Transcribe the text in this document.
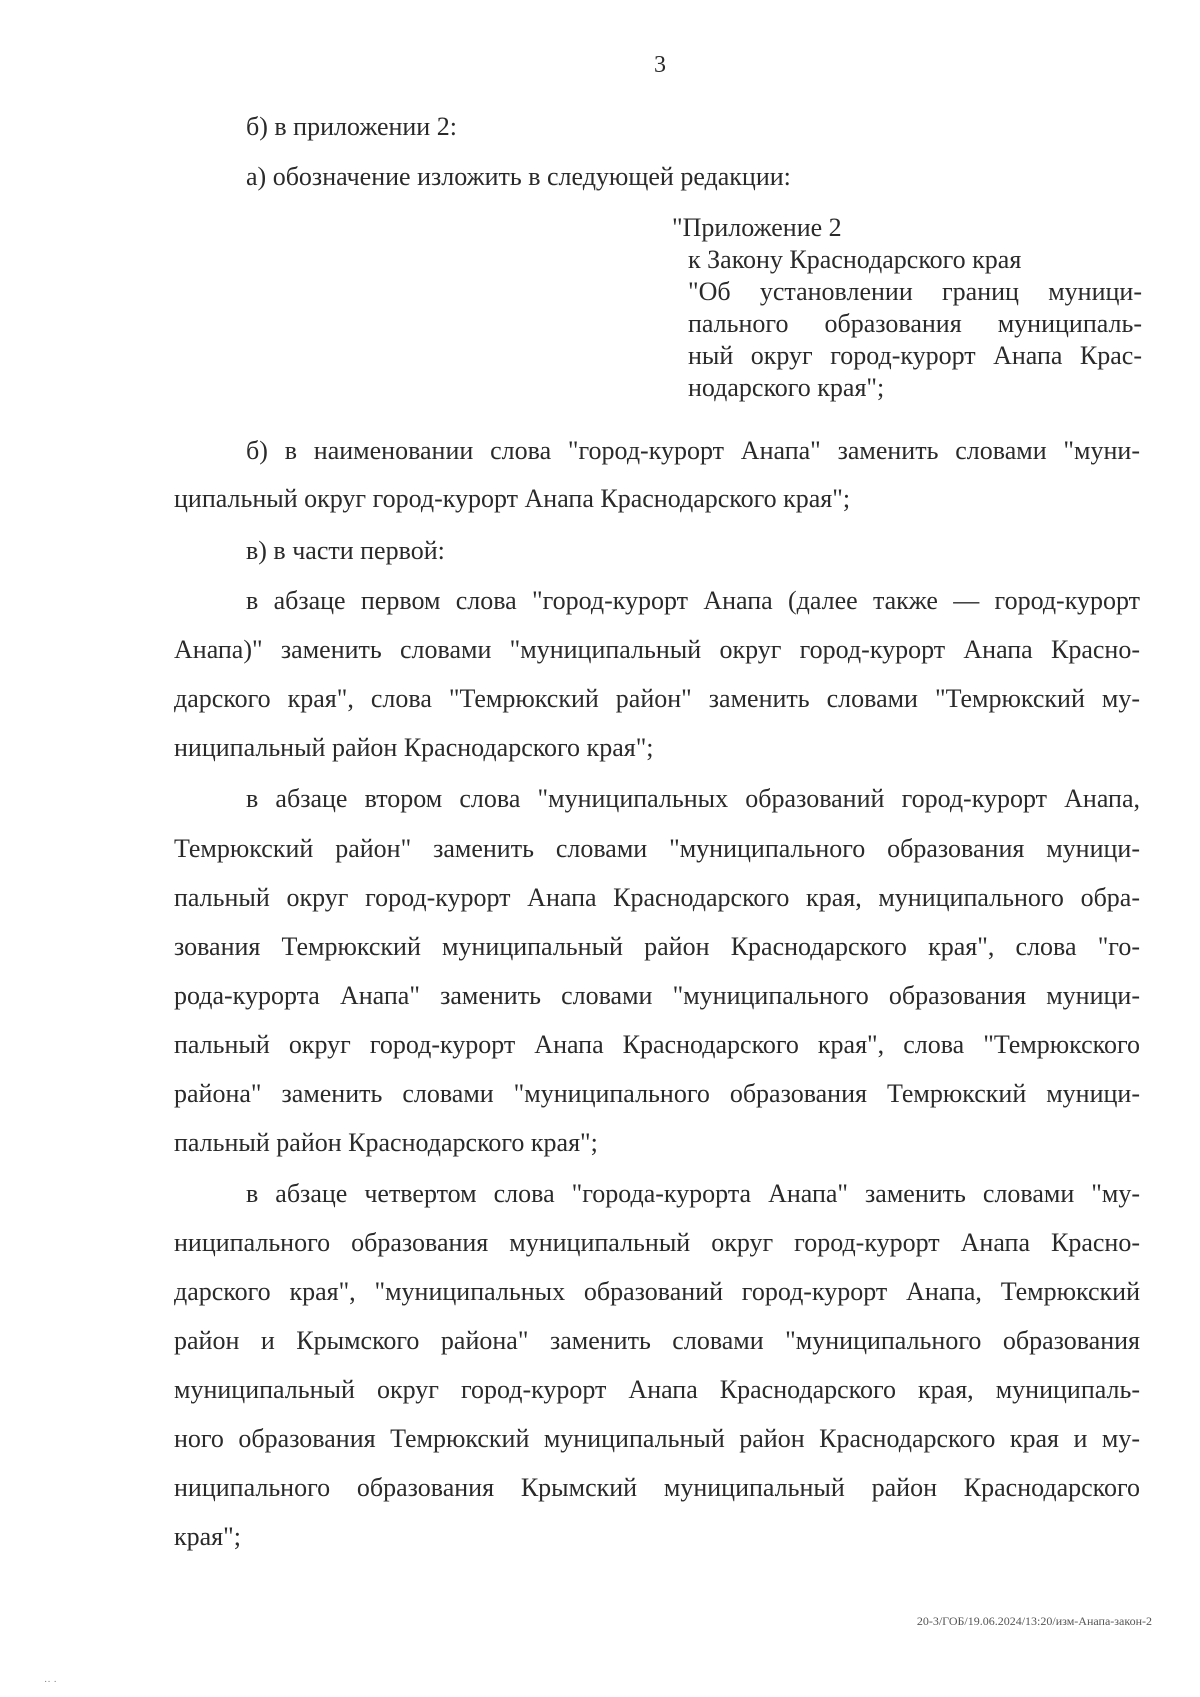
3
б) в приложении 2:
а) обозначение изложить в следующей редакции:
"Приложение 2
к Закону Краснодарского края
"Об установлении границ муници-
пального образования муниципаль-
ный округ город-курорт Анапа Крас-
нодарского края";
б) в наименовании слова "город-курорт Анапа" заменить словами "муни-
ципальный округ город-курорт Анапа Краснодарского края";
в) в части первой:
в абзаце первом слова "город-курорт Анапа (далее также — город-курорт
Анапа)" заменить словами "муниципальный округ город-курорт Анапа Красно-
дарского края", слова "Темрюкский район" заменить словами "Темрюкский му-
ниципальный район Краснодарского края";
в абзаце втором слова "муниципальных образований город-курорт Анапа,
Темрюкский район" заменить словами "муниципального образования муници-
пальный округ город-курорт Анапа Краснодарского края, муниципального обра-
зования Темрюкский муниципальный район Краснодарского края", слова "го-
рода-курорта Анапа" заменить словами "муниципального образования муници-
пальный округ город-курорт Анапа Краснодарского края", слова "Темрюкского
района" заменить словами "муниципального образования Темрюкский муници-
пальный район Краснодарского края";
в абзаце четвертом слова "города-курорта Анапа" заменить словами "му-
ниципального образования муниципальный округ город-курорт Анапа Красно-
дарского края", "муниципальных образований город-курорт Анапа, Темрюкский
район и Крымского района" заменить словами "муниципального образования
муниципальный округ город-курорт Анапа Краснодарского края, муниципаль-
ного образования Темрюкский муниципальный район Краснодарского края и му-
ниципального образования Крымский муниципальный район Краснодарского
края";
20-3/ГОБ/19.06.2024/13:20/изм-Анапа-закон-2
·· ·
